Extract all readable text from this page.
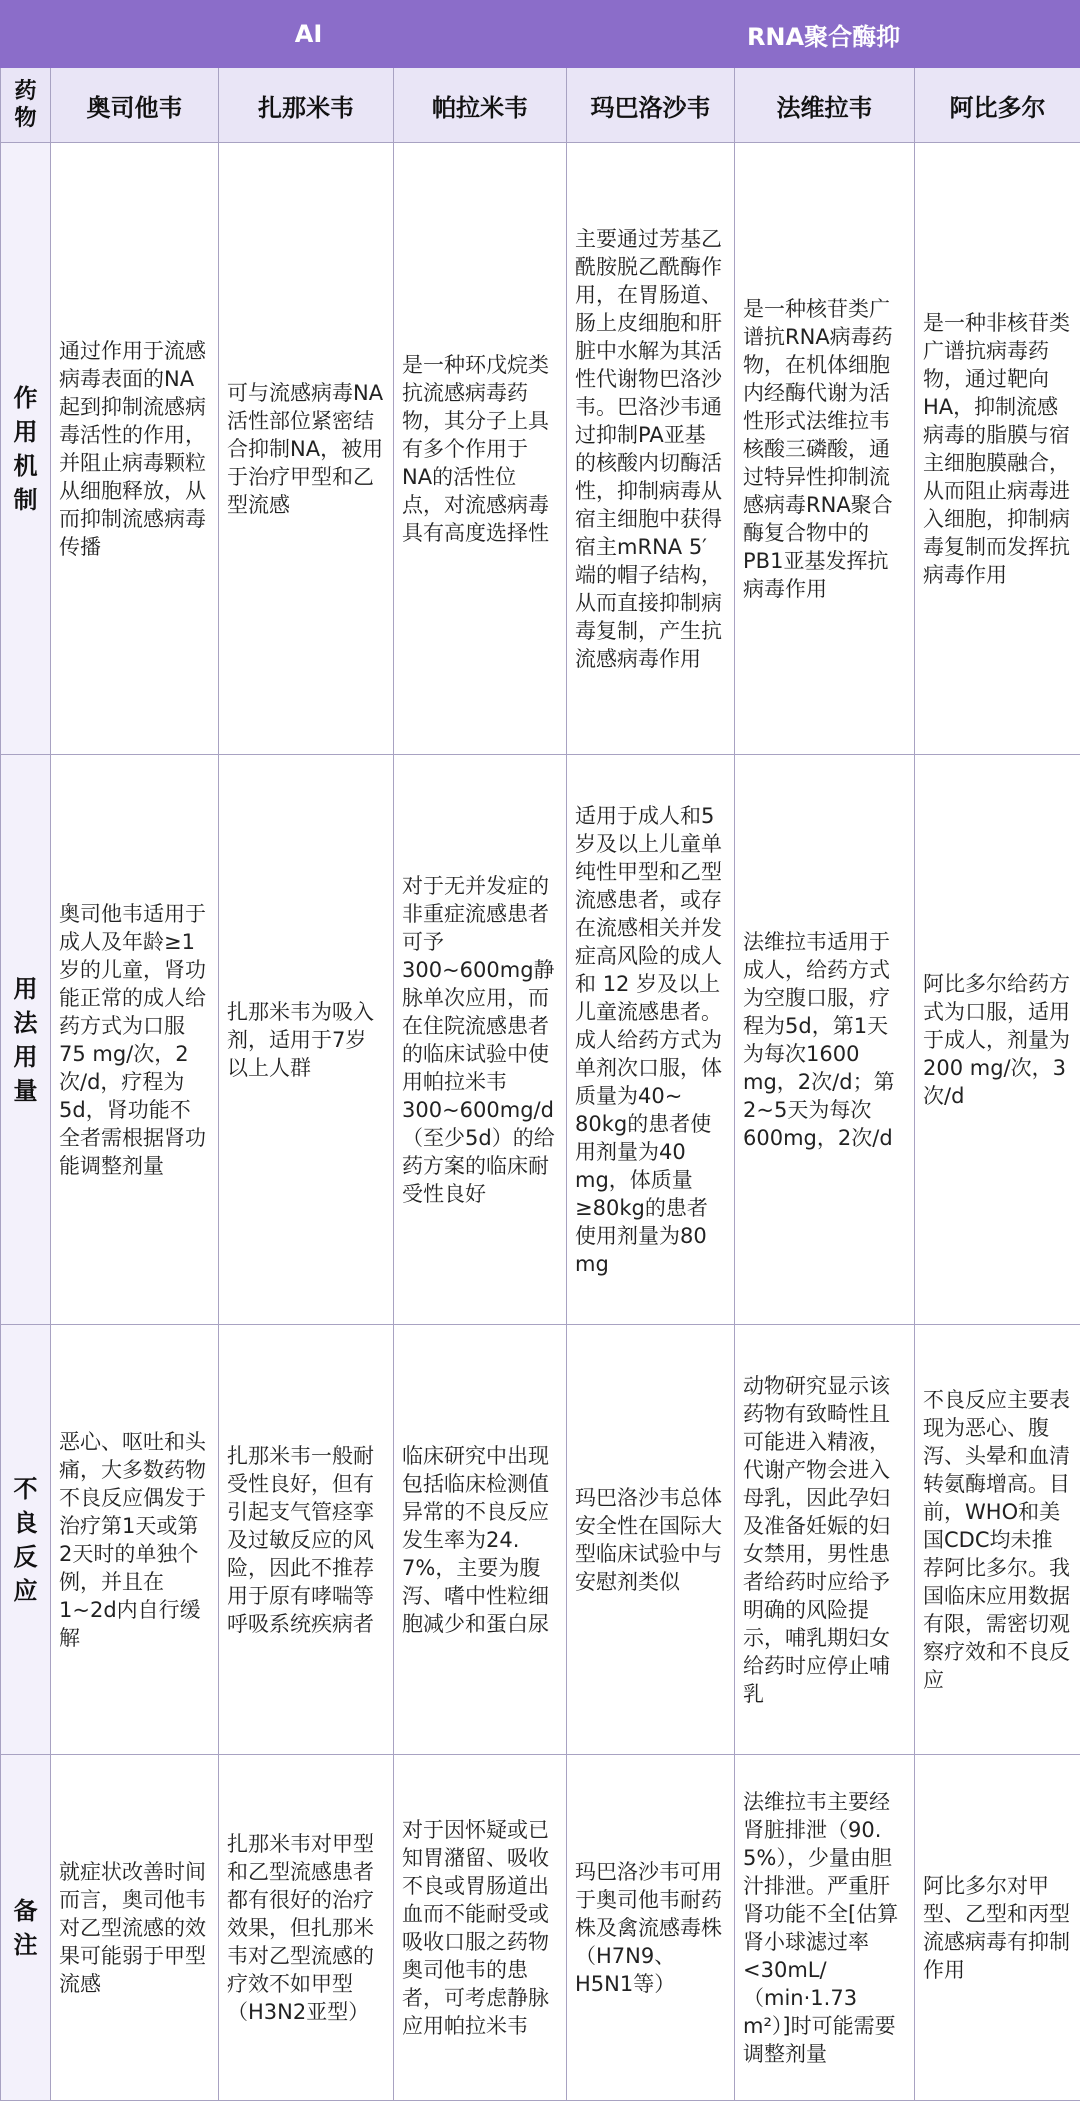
	AI			RNA聚合酶抑		
药物	奥司他韦	扎那米韦	帕拉米韦	玛巴洛沙韦	法维拉韦	阿比多尔
作用机制	通过作用于流感病毒表面的NA起到抑制流感病毒活性的作用，并阻止病毒颗粒从细胞释放，从而抑制流感病毒传播	可与流感病毒NA活性部位紧密结合抑制NA，被用于治疗甲型和乙型流感	是一种环戊烷类抗流感病毒药物，其分子上具有多个作用于NA的活性位点，对流感病毒具有高度选择性	主要通过芳基乙酰胺脱乙酰酶作用，在胃肠道、肠上皮细胞和肝脏中水解为其活性代谢物巴洛沙韦。巴洛沙韦通过抑制PA亚基的核酸内切酶活性，抑制病毒从宿主细胞中获得宿主mRNA 5′端的帽子结构，从而直接抑制病毒复制，产生抗流感病毒作用	是一种核苷类广谱抗RNA病毒药物，在机体细胞内经酶代谢为活性形式法维拉韦核酸三磷酸，通过特异性抑制流感病毒RNA聚合酶复合物中的PB1亚基发挥抗病毒作用	是一种非核苷类广谱抗病毒药物，通过靶向HA，抑制流感病毒的脂膜与宿主细胞膜融合，从而阻止病毒进入细胞，抑制病毒复制而发挥抗病毒作用
用法用量	奥司他韦适用于成人及年龄≥1岁的儿童，肾功能正常的成人给药方式为口服75 mg/次，2次/d，疗程为5d，肾功能不全者需根据肾功能调整剂量	扎那米韦为吸入剂，适用于7岁以上人群	对于无并发症的非重症流感患者可予300~600mg静脉单次应用，而在住院流感患者的临床试验中使用帕拉米韦300~600mg/d（至少5d）的给药方案的临床耐受性良好	适用于成人和5 岁及以上儿童单纯性甲型和乙型流感患者，或存在流感相关并发症高风险的成人和 12 岁及以上儿童流感患者。成人给药方式为单剂次口服，体质量为40~ 80kg的患者使用剂量为40 mg，体质量≥80kg的患者使用剂量为80 mg	法维拉韦适用于成人，给药方式为空腹口服，疗程为5d，第1天为每次1600 mg，2次/d；第2~5天为每次600mg，2次/d	阿比多尔给药方式为口服，适用于成人，剂量为200 mg/次，3次/d
不良反应	恶心、呕吐和头痛，大多数药物不良反应偶发于治疗第1天或第2天时的单独个例，并且在1~2d内自行缓解	扎那米韦一般耐受性良好，但有引起支气管痉挛及过敏反应的风险，因此不推荐用于原有哮喘等呼吸系统疾病者	临床研究中出现包括临床检测值异常的不良反应发生率为24. 7%，主要为腹泻、嗜中性粒细胞减少和蛋白尿	玛巴洛沙韦总体安全性在国际大型临床试验中与安慰剂类似	动物研究显示该药物有致畸性且可能进入精液，代谢产物会进入母乳，因此孕妇及准备妊娠的妇女禁用，男性患者给药时应给予明确的风险提示，哺乳期妇女给药时应停止哺乳	不良反应主要表现为恶心、腹泻、头晕和血清转氨酶增高。目前，WHO和美国CDC均未推荐阿比多尔。我国临床应用数据有限，需密切观察疗效和不良反应
备注	就症状改善时间而言，奥司他韦对乙型流感的效果可能弱于甲型流感	扎那米韦对甲型和乙型流感患者都有很好的治疗效果，但扎那米韦对乙型流感的疗效不如甲型（H3N2亚型）	对于因怀疑或已知胃潴留、吸收不良或胃肠道出血而不能耐受或吸收口服之药物奥司他韦的患者，可考虑静脉应用帕拉米韦	玛巴洛沙韦可用于奥司他韦耐药株及禽流感毒株（H7N9、H5N1等）	法维拉韦主要经肾脏排泄（90. 5%），少量由胆汁排泄。严重肝肾功能不全[估算肾小球滤过率<30mL/（min·1.73 m²）]时可能需要调整剂量	阿比多尔对甲型、乙型和丙型流感病毒有抑制作用
